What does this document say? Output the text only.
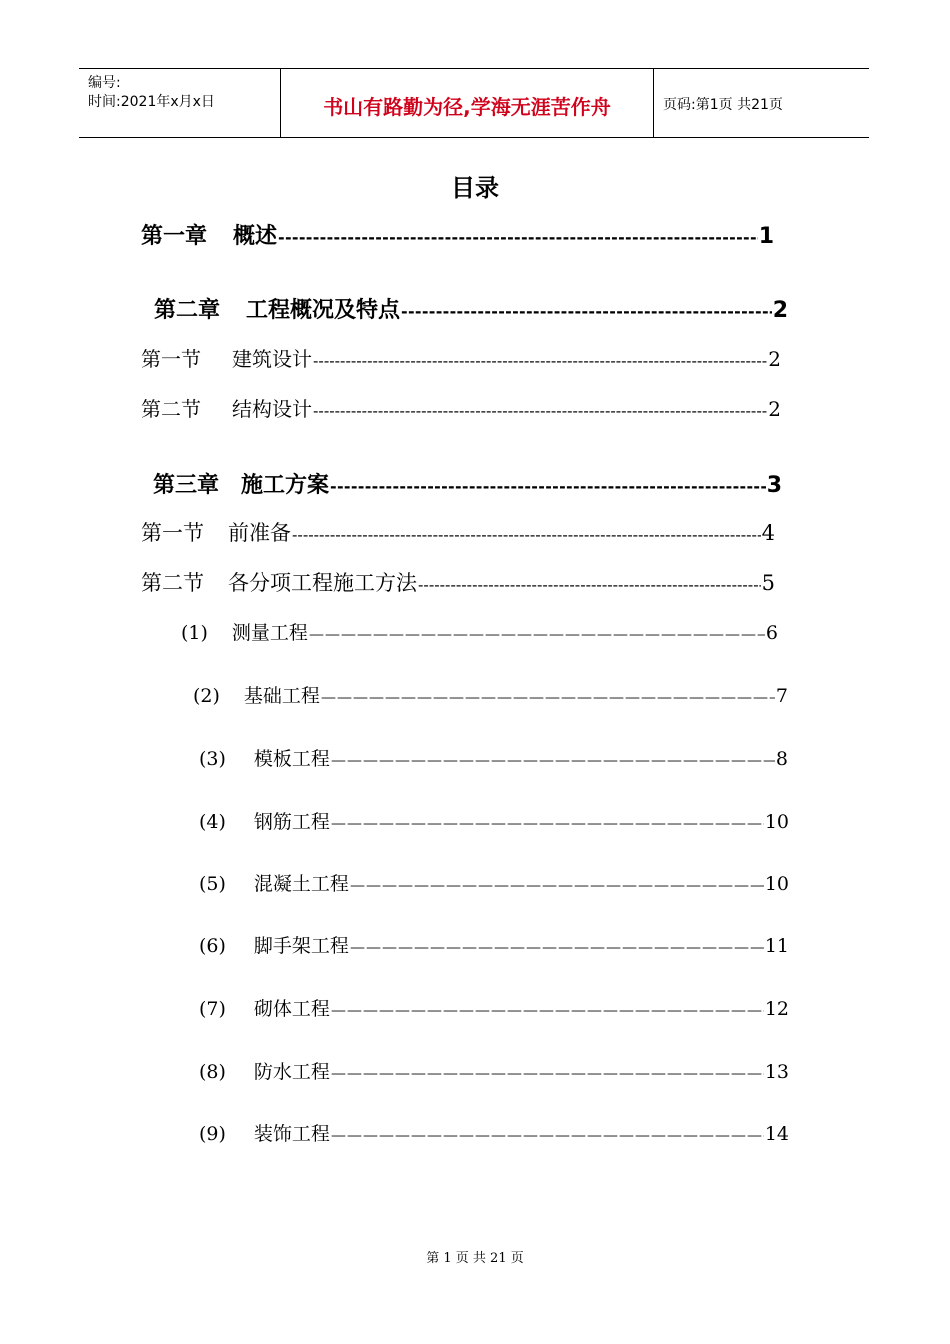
编号:
时间:2021年x月x日	书山有路勤为径,学海无涯苦作舟	页码:第1页 共21页
目录
第一章 概述 -----	1
第二章 工程概况及特点 -----	2
第一节 建筑设计 -----	2
第二节 结构设计 -----	2
第三章 施工方案 -----	3
第一节 前准备 -----	4
第二节 各分项工程施工方法 -----	5
(1) 测量工程 —————	6
(2) 基础工程 —————	7
(3) 模板工程 —————	8
(4) 钢筋工程 —————	10
(5) 混凝土工程 —————	10
(6) 脚手架工程 —————	11
(7) 砌体工程 —————	12
(8) 防水工程 —————	13
(9) 装饰工程 —————	14
第 1 页 共 21 页
